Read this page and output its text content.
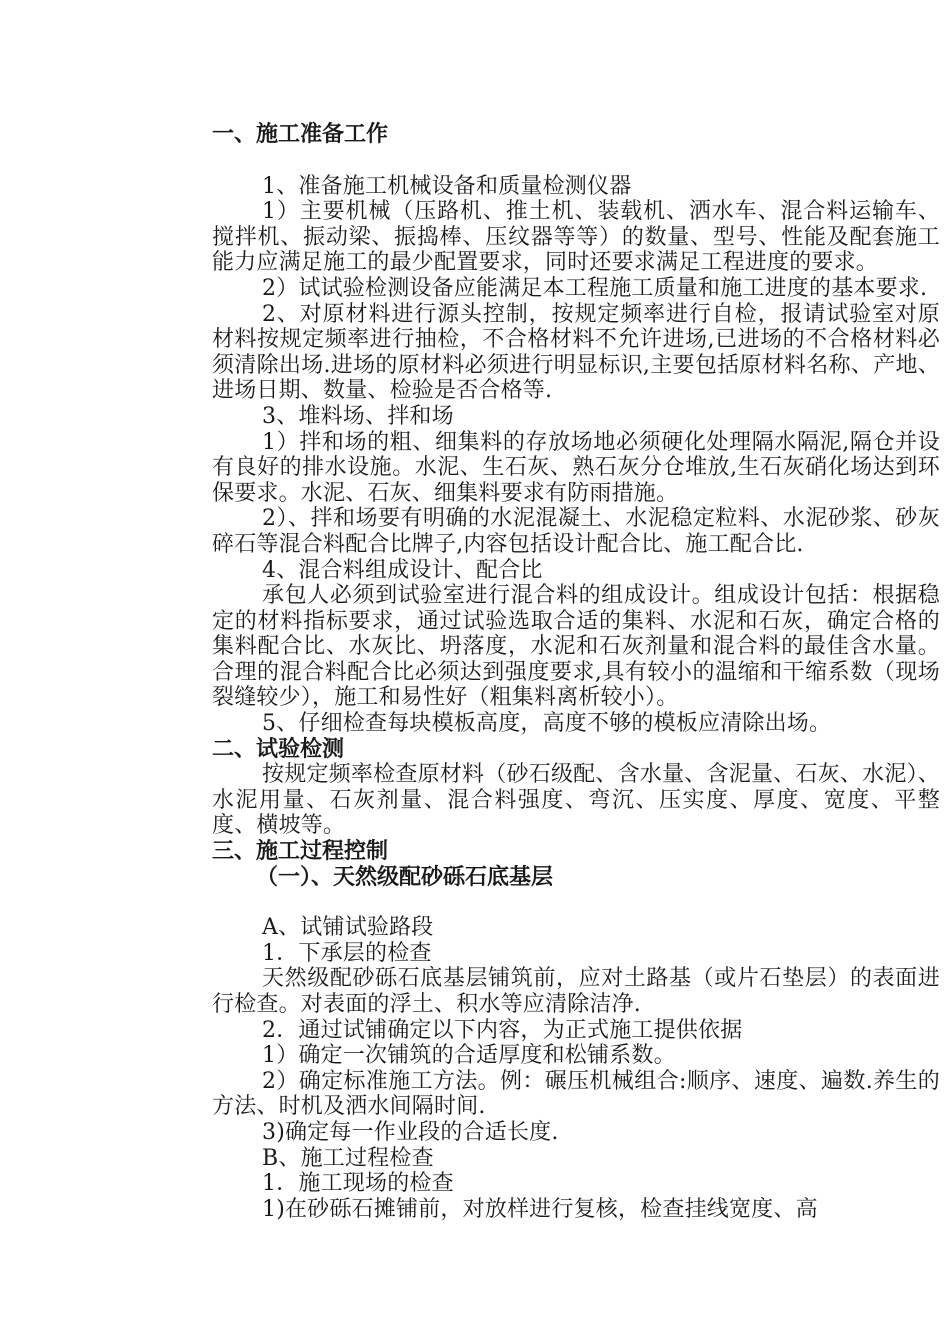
一、施工准备工作

1、准备施工机械设备和质量检测仪器

1）主要机械（压路机、推土机、装载机、洒水车、混合料运输车、搅拌机、振动梁、振捣棒、压纹器等等）的数量、型号、性能及配套施工能力应满足施工的最少配置要求，同时还要求满足工程进度的要求。

2）试试验检测设备应能满足本工程施工质量和施工进度的基本要求.

2、对原材料进行源头控制，按规定频率进行自检，报请试验室对原材料按规定频率进行抽检，不合格材料不允许进场,已进场的不合格材料必须清除出场.进场的原材料必须进行明显标识,主要包括原材料名称、产地、进场日期、数量、检验是否合格等.

3、堆料场、拌和场

1）拌和场的粗、细集料的存放场地必须硬化处理隔水隔泥,隔仓并设有良好的排水设施。水泥、生石灰、熟石灰分仓堆放,生石灰硝化场达到环保要求。水泥、石灰、细集料要求有防雨措施。

2）、拌和场要有明确的水泥混凝土、水泥稳定粒料、水泥砂浆、砂灰碎石等混合料配合比牌子,内容包括设计配合比、施工配合比.

4、混合料组成设计、配合比

承包人必须到试验室进行混合料的组成设计。组成设计包括：根据稳定的材料指标要求，通过试验选取合适的集料、水泥和石灰，确定合格的集料配合比、水灰比、坍落度，水泥和石灰剂量和混合料的最佳含水量。合理的混合料配合比必须达到强度要求,具有较小的温缩和干缩系数（现场裂缝较少），施工和易性好（粗集料离析较小）。

5、仔细检查每块模板高度，高度不够的模板应清除出场。

二、试验检测

按规定频率检查原材料（砂石级配、含水量、含泥量、石灰、水泥）、水泥用量、石灰剂量、混合料强度、弯沉、压实度、厚度、宽度、平整度、横坡等。

三、施工过程控制
（一）、天然级配砂砾石底基层

A、试铺试验路段

1．下承层的检查

天然级配砂砾石底基层铺筑前，应对土路基（或片石垫层）的表面进行检查。对表面的浮土、积水等应清除洁净.

2．通过试铺确定以下内容，为正式施工提供依据

1）确定一次铺筑的合适厚度和松铺系数。

2）确定标准施工方法。例：碾压机械组合:顺序、速度、遍数.养生的方法、时机及洒水间隔时间.

3)确定每一作业段的合适长度.

B、施工过程检查

1．施工现场的检查

1)在砂砾石摊铺前，对放样进行复核，检查挂线宽度、高
